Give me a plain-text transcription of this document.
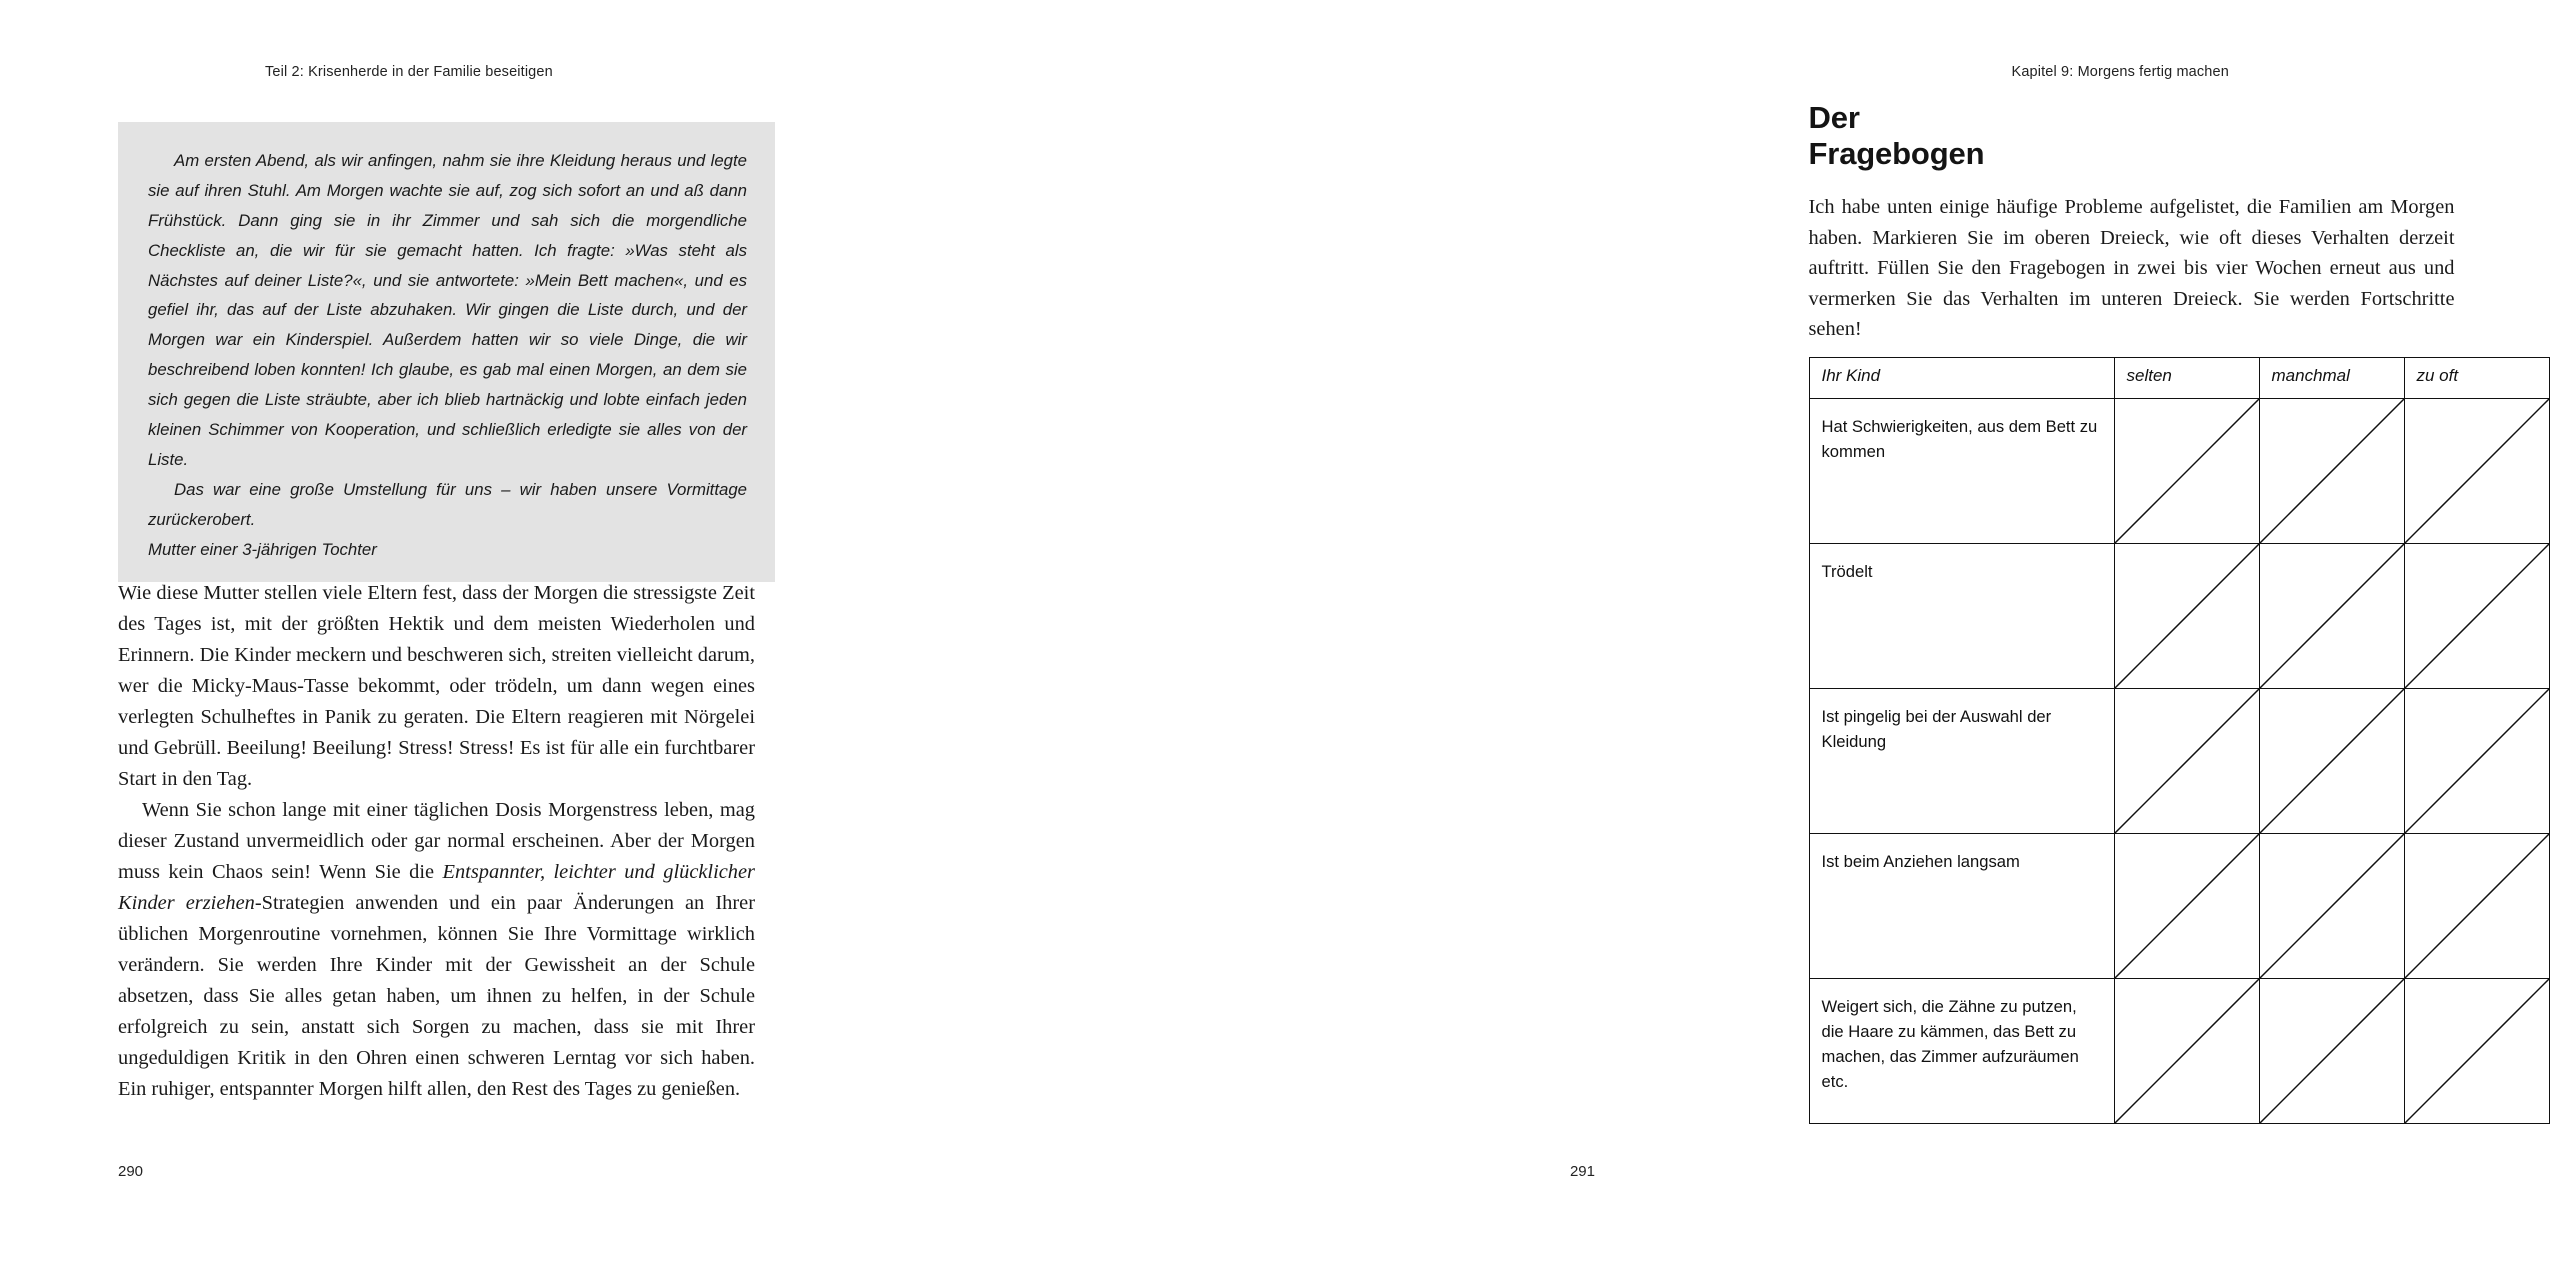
Teil 2: Krisenherde in der Familie beseitigen

Am ersten Abend, als wir anfingen, nahm sie ihre Kleidung heraus und legte sie auf ihren Stuhl. Am Morgen wachte sie auf, zog sich sofort an und aß dann Frühstück. Dann ging sie in ihr Zimmer und sah sich die morgendliche Checkliste an, die wir für sie gemacht hatten. Ich fragte: »Was steht als Nächstes auf deiner Liste?«, und sie antwortete: »Mein Bett machen«, und es gefiel ihr, das auf der Liste abzuhaken. Wir gingen die Liste durch, und der Morgen war ein Kinderspiel. Außerdem hatten wir so viele Dinge, die wir beschreibend loben konnten! Ich glaube, es gab mal einen Morgen, an dem sie sich gegen die Liste sträubte, aber ich blieb hartnäckig und lobte einfach jeden kleinen Schimmer von Kooperation, und schließlich erledigte sie alles von der Liste.

Das war eine große Umstellung für uns – wir haben unsere Vormittage zurückerobert.

Mutter einer 3-jährigen Tochter

Wie diese Mutter stellen viele Eltern fest, dass der Morgen die stressigste Zeit des Tages ist, mit der größten Hektik und dem meisten Wiederholen und Erinnern. Die Kinder meckern und beschweren sich, streiten vielleicht darum, wer die Micky-Maus-Tasse bekommt, oder trödeln, um dann wegen eines verlegten Schulheftes in Panik zu geraten. Die Eltern reagieren mit Nörgelei und Gebrüll. Beeilung! Beeilung! Stress! Stress! Es ist für alle ein furchtbarer Start in den Tag.

Wenn Sie schon lange mit einer täglichen Dosis Morgenstress leben, mag dieser Zustand unvermeidlich oder gar normal erscheinen. Aber der Morgen muss kein Chaos sein! Wenn Sie die Entspannter, leichter und glücklicher Kinder erziehen-Strategien anwenden und ein paar Änderungen an Ihrer üblichen Morgenroutine vornehmen, können Sie Ihre Vormittage wirklich verändern. Sie werden Ihre Kinder mit der Gewissheit an der Schule absetzen, dass Sie alles getan haben, um ihnen zu helfen, in der Schule erfolgreich zu sein, anstatt sich Sorgen zu machen, dass sie mit Ihrer ungeduldigen Kritik in den Ohren einen schweren Lerntag vor sich haben. Ein ruhiger, entspannter Morgen hilft allen, den Rest des Tages zu genießen.

290
Kapitel 9: Morgens fertig machen
Der Fragebogen

Ich habe unten einige häufige Probleme aufgelistet, die Familien am Morgen haben. Markieren Sie im oberen Dreieck, wie oft dieses Verhalten derzeit auftritt. Füllen Sie den Fragebogen in zwei bis vier Wochen erneut aus und vermerken Sie das Verhalten im unteren Dreieck. Sie werden Fortschritte sehen!

Ihr Kind	selten	manchmal	zu oft
Hat Schwierigkeiten, aus dem Bett zu kommen	

Trödelt	

Ist pingelig bei der Auswahl der Kleidung	

Ist beim Anziehen langsam	

Weigert sich, die Zähne zu putzen, die Haare zu kämmen, das Bett zu machen, das Zimmer aufzuräumen etc.	

291
